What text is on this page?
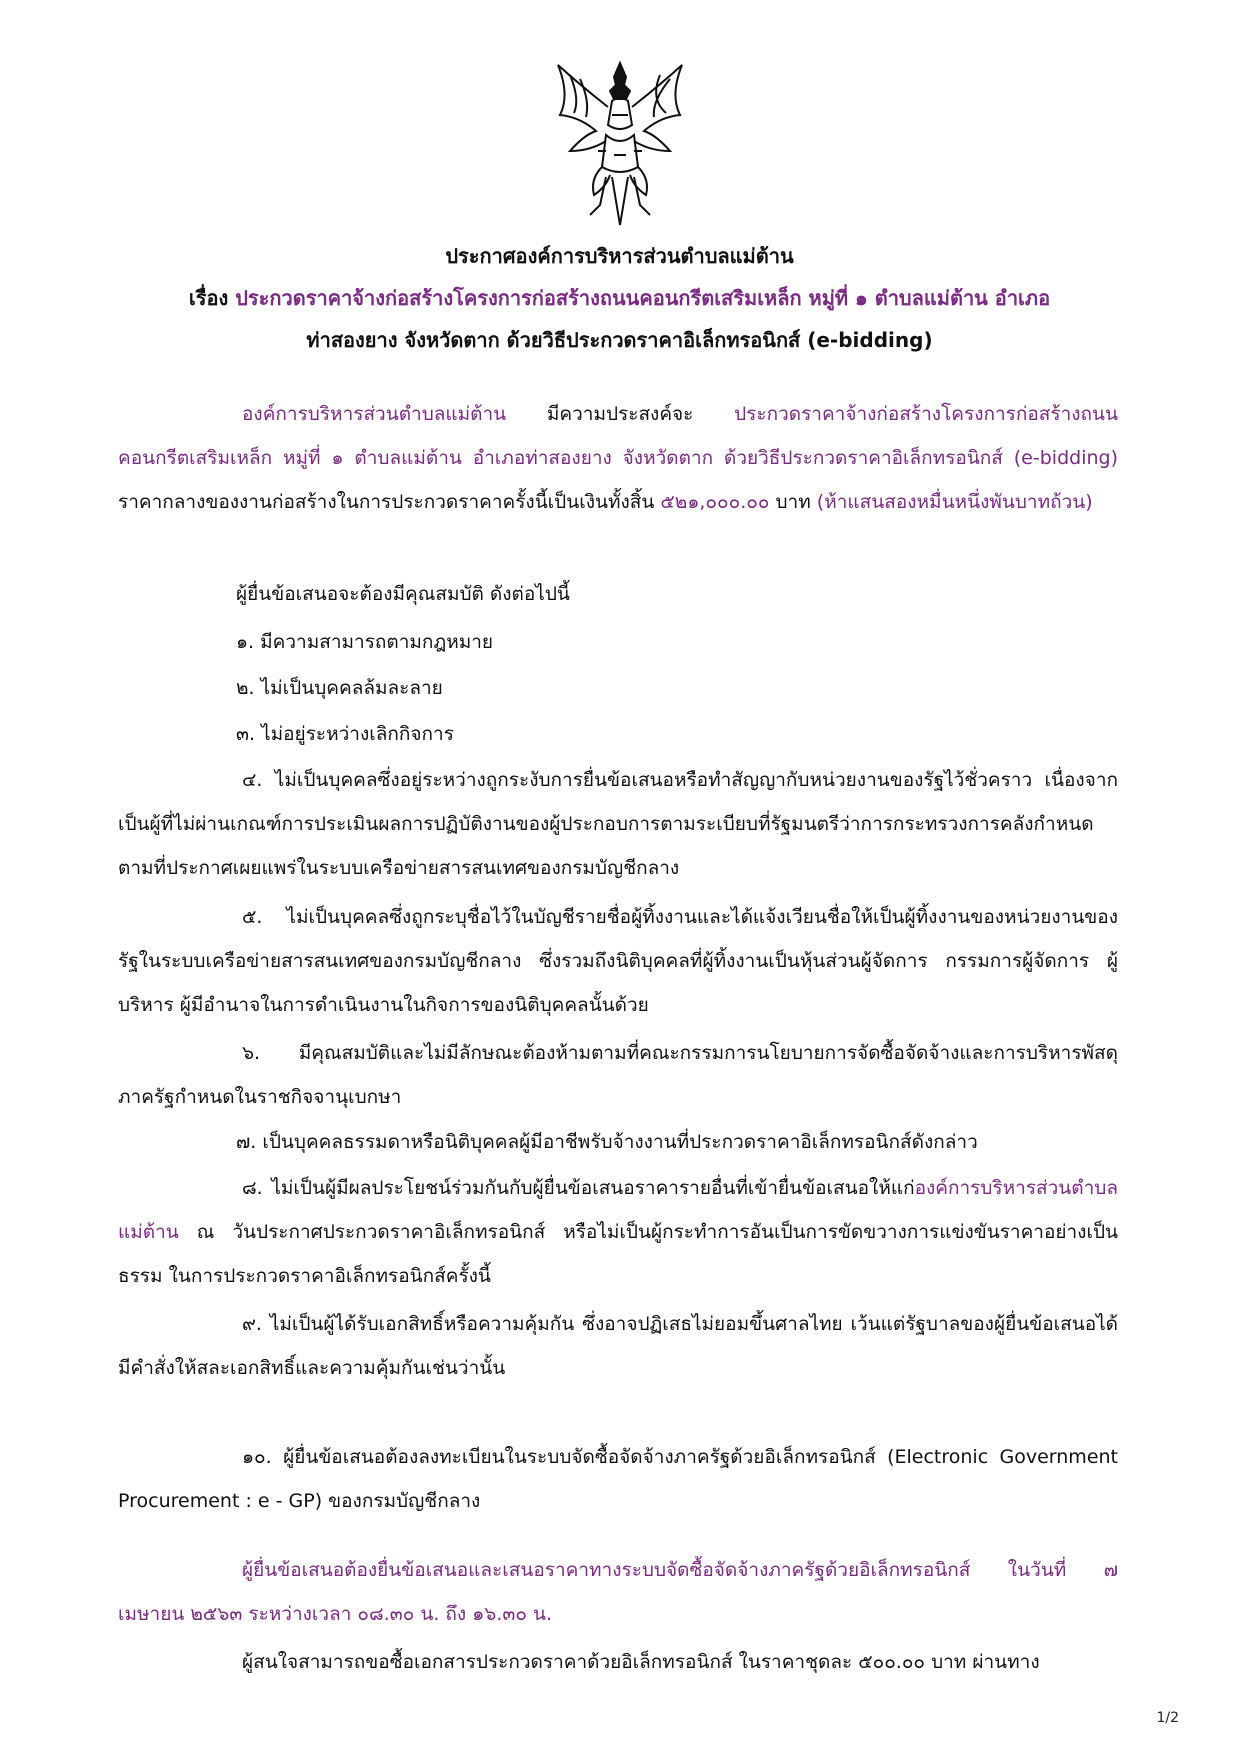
ประกาศองค์การบริหารส่วนตำบลแม่ต้าน
เรื่อง ประกวดราคาจ้างก่อสร้างโครงการก่อสร้างถนนคอนกรีตเสริมเหล็ก หมู่ที่ ๑ ตำบลแม่ต้าน อำเภอ
ท่าสองยาง จังหวัดตาก ด้วยวิธีประกวดราคาอิเล็กทรอนิกส์ (e-bidding)
องค์การบริหารส่วนตำบลแม่ต้าน มีความประสงค์จะ ประกวดราคาจ้างก่อสร้างโครงการก่อสร้างถนนคอนกรีตเสริมเหล็ก หมู่ที่ ๑ ตำบลแม่ต้าน อำเภอท่าสองยาง จังหวัดตาก ด้วยวิธีประกวดราคาอิเล็กทรอนิกส์ (e-bidding) ราคากลางของงานก่อสร้างในการประกวดราคาครั้งนี้เป็นเงินทั้งสิ้น ๕๒๑,๐๐๐.๐๐ บาท (ห้าแสนสองหมื่นหนึ่งพันบาทถ้วน)
ผู้ยื่นข้อเสนอจะต้องมีคุณสมบัติ ดังต่อไปนี้
๑. มีความสามารถตามกฎหมาย
๒. ไม่เป็นบุคคลล้มละลาย
๓. ไม่อยู่ระหว่างเลิกกิจการ
๔. ไม่เป็นบุคคลซึ่งอยู่ระหว่างถูกระงับการยื่นข้อเสนอหรือทำสัญญากับหน่วยงานของรัฐไว้ชั่วคราว เนื่องจากเป็นผู้ที่ไม่ผ่านเกณฑ์การประเมินผลการปฏิบัติงานของผู้ประกอบการตามระเบียบที่รัฐมนตรีว่าการกระทรวงการคลังกำหนดตามที่ประกาศเผยแพร่ในระบบเครือข่ายสารสนเทศของกรมบัญชีกลาง
๕. ไม่เป็นบุคคลซึ่งถูกระบุชื่อไว้ในบัญชีรายชื่อผู้ทิ้งงานและได้แจ้งเวียนชื่อให้เป็นผู้ทิ้งงานของหน่วยงานของรัฐในระบบเครือข่ายสารสนเทศของกรมบัญชีกลาง ซึ่งรวมถึงนิติบุคคลที่ผู้ทิ้งงานเป็นหุ้นส่วนผู้จัดการ กรรมการผู้จัดการ ผู้บริหาร ผู้มีอำนาจในการดำเนินงานในกิจการของนิติบุคคลนั้นด้วย
๖. มีคุณสมบัติและไม่มีลักษณะต้องห้ามตามที่คณะกรรมการนโยบายการจัดซื้อจัดจ้างและการบริหารพัสดุภาครัฐกำหนดในราชกิจจานุเบกษา
๗. เป็นบุคคลธรรมดาหรือนิติบุคคลผู้มีอาชีพรับจ้างงานที่ประกวดราคาอิเล็กทรอนิกส์ดังกล่าว
๘. ไม่เป็นผู้มีผลประโยชน์ร่วมกันกับผู้ยื่นข้อเสนอราคารายอื่นที่เข้ายื่นข้อเสนอให้แก่องค์การบริหารส่วนตำบลแม่ต้าน ณ วันประกาศประกวดราคาอิเล็กทรอนิกส์ หรือไม่เป็นผู้กระทำการอันเป็นการขัดขวางการแข่งขันราคาอย่างเป็นธรรม ในการประกวดราคาอิเล็กทรอนิกส์ครั้งนี้
๙. ไม่เป็นผู้ได้รับเอกสิทธิ์หรือความคุ้มกัน ซึ่งอาจปฏิเสธไม่ยอมขึ้นศาลไทย เว้นแต่รัฐบาลของผู้ยื่นข้อเสนอได้มีคำสั่งให้สละเอกสิทธิ์และความคุ้มกันเช่นว่านั้น
๑๐. ผู้ยื่นข้อเสนอต้องลงทะเบียนในระบบจัดซื้อจัดจ้างภาครัฐด้วยอิเล็กทรอนิกส์ (Electronic Government Procurement : e - GP) ของกรมบัญชีกลาง
ผู้ยื่นข้อเสนอต้องยื่นข้อเสนอและเสนอราคาทางระบบจัดซื้อจัดจ้างภาครัฐด้วยอิเล็กทรอนิกส์ ในวันที่ ๗ เมษายน ๒๕๖๓ ระหว่างเวลา ๐๘.๓๐ น. ถึง ๑๖.๓๐ น.
ผู้สนใจสามารถขอซื้อเอกสารประกวดราคาด้วยอิเล็กทรอนิกส์ ในราคาชุดละ ๕๐๐.๐๐ บาท ผ่านทาง
1/2
